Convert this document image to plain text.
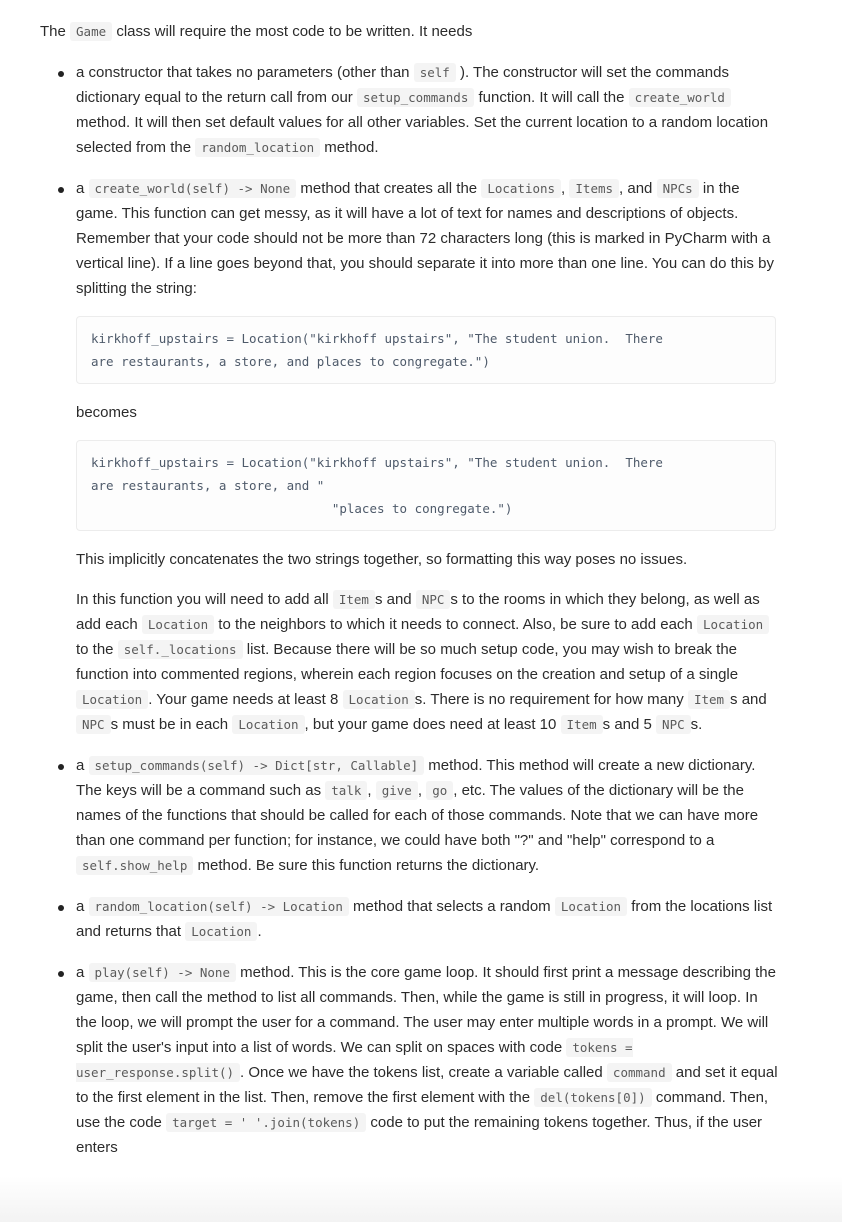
The Game class will require the most code to be written. It needs

a constructor that takes no parameters (other than self ). The constructor will set the commands dictionary equal to the return call from our setup_commands function. It will call the create_world method. It will then set default values for all other variables. Set the current location to a random location selected from the random_location method.

a create_world(self) -> None method that creates all the Locations , Items , and NPCs in the game. This function can get messy, as it will have a lot of text for names and descriptions of objects. Remember that your code should not be more than 72 characters long (this is marked in PyCharm with a vertical line). If a line goes beyond that, you should separate it into more than one line. You can do this by splitting the string:

kirkhoff_upstairs = Location("kirkhoff upstairs", "The student union.  There
are restaurants, a store, and places to congregate.")

becomes

kirkhoff_upstairs = Location("kirkhoff upstairs", "The student union.  There
are restaurants, a store, and "
"places to congregate.")

This implicitly concatenates the two strings together, so formatting this way poses no issues.

In this function you will need to add all Item s and NPC s to the rooms in which they belong, as well as add each Location to the neighbors to which it needs to connect. Also, be sure to add each Location to the self._locations list. Because there will be so much setup code, you may wish to break the function into commented regions, wherein each region focuses on the creation and setup of a single Location . Your game needs at least 8 Location s. There is no requirement for how many Item s and NPC s must be in each Location , but your game does need at least 10 Item s and 5 NPC s.

a setup_commands(self) -> Dict[str, Callable] method. This method will create a new dictionary. The keys will be a command such as talk , give , go , etc. The values of the dictionary will be the names of the functions that should be called for each of those commands. Note that we can have more than one command per function; for instance, we could have both "?" and "help" correspond to a self.show_help method. Be sure this function returns the dictionary.
a random_location(self) -> Location method that selects a random Location from the locations list and returns that Location .
a play(self) -> None method. This is the core game loop. It should first print a message describing the game, then call the method to list all commands. Then, while the game is still in progress, it will loop. In the loop, we will prompt the user for a command. The user may enter multiple words in a prompt. We will split the user's input into a list of words. We can split on spaces with code tokens = user_response.split() . Once we have the tokens list, create a variable called command and set it equal to the first element in the list. Then, remove the first element with the del(tokens[0]) command. Then, use the code target = ' '.join(tokens) code to put the remaining tokens together. Thus, if the user enters
